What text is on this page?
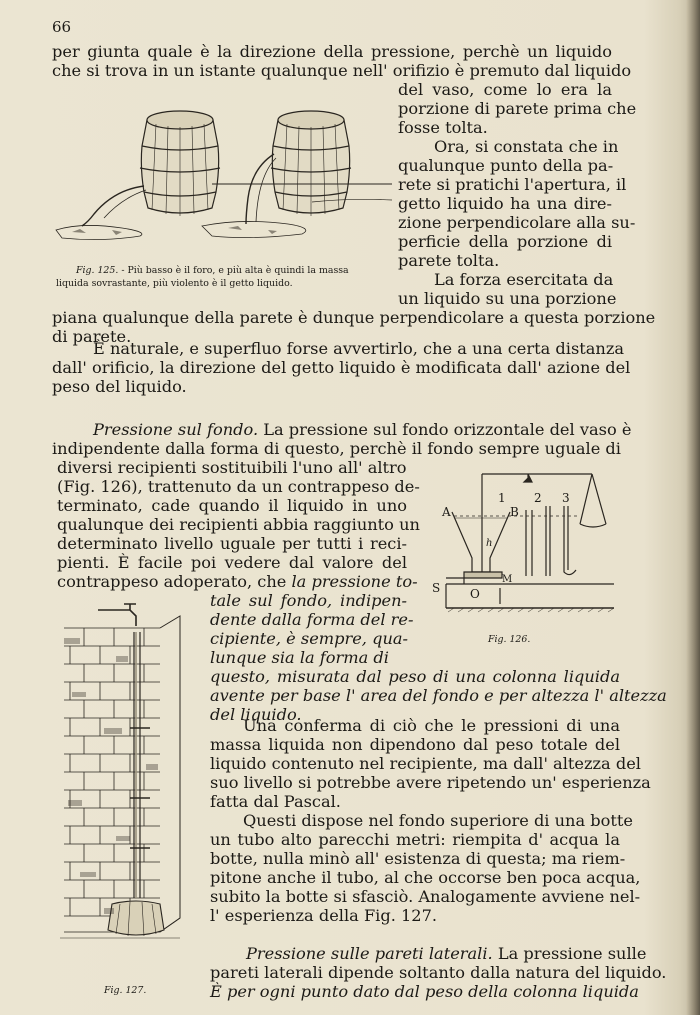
66
per giunta quale è la direzione della pressione, perchè un liquido
che si trova in un istante qualunque nell' orifizio è premuto dal liquido
del vaso, come lo era la
porzione di parete prima che
fosse tolta.
Ora, si constata che in
qualunque punto della pa-
rete si pratichi l'apertura, il
getto liquido ha una dire-
zione perpendicolare alla su-
perficie della porzione di
parete tolta.
La forza esercitata da
un liquido su una porzione
piana qualunque della parete è dunque perpendicolare a questa porzione
di parete.
Fig. 125. - Più basso è il foro, e più alta è quindi la massa
liquida sovrastante, più violento è il getto liquido.
È naturale, e superfluo forse avvertirlo, che a una certa distanza
dall' orificio, la direzione del getto liquido è modificata dall' azione del
peso del liquido.
Pressione sul fondo. La pressione sul fondo orizzontale del vaso è
indipendente dalla forma di questo, perchè il fondo sempre uguale di
diversi recipienti sostituibili l'uno all' altro
(Fig. 126), trattenuto da un contrappeso de-
terminato, cade quando il liquido in uno
qualunque dei recipienti abbia raggiunto un
determinato livello uguale per tutti i reci-
pienti. È facile poi vedere dal valore del
contrappeso adoperato, che la pressione to-
tale sul fondo, indipen-
dente dalla forma del re-
cipiente, è sempre, qua-
lunque sia la forma di
questo, misurata dal peso di una colonna liquida
avente per base l' area del fondo e per altezza l' altezza
del liquido.
A	B
h
1 2 3
M
S O
Fig. 126.
Una conferma di ciò che le pressioni di una
massa liquida non dipendono dal peso totale del
liquido contenuto nel recipiente, ma dall' altezza del
suo livello si potrebbe avere ripetendo un' esperienza
fatta dal Pascal.
Questi dispose nel fondo superiore di una botte
un tubo alto parecchi metri: riempita d' acqua la
botte, nulla minò all' esistenza di questa; ma riem-
pitone anche il tubo, al che occorse ben poca acqua,
subito la botte si sfasciò. Analogamente avviene nel-
l' esperienza della Fig. 127.
Pressione sulle pareti laterali. La pressione sulle
pareti laterali dipende soltanto dalla natura del liquido.
È per ogni punto dato dal peso della colonna liquida
Fig. 127.
